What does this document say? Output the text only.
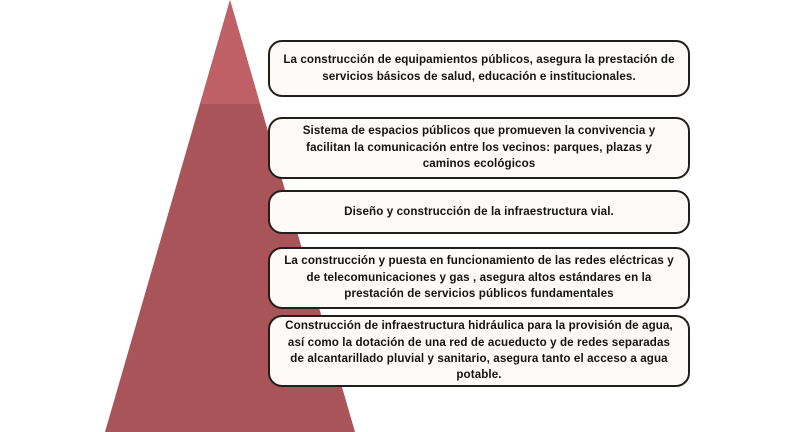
La construcción de equipamientos públicos, asegura la prestación de servicios básicos de salud, educación e institucionales.
Sistema de espacios públicos que promueven la convivencia y facilitan la comunicación entre los vecinos: parques, plazas y caminos ecológicos
Diseño y construcción de la infraestructura vial.
La construcción y puesta en funcionamiento de las redes eléctricas y de telecomunicaciones y gas , asegura altos estándares en la prestación de servicios públicos fundamentales
Construcción de infraestructura hidráulica para la provisión de agua, así como la dotación de una red de acueducto y de redes separadas de alcantarillado pluvial y sanitario, asegura tanto el acceso a agua potable.
